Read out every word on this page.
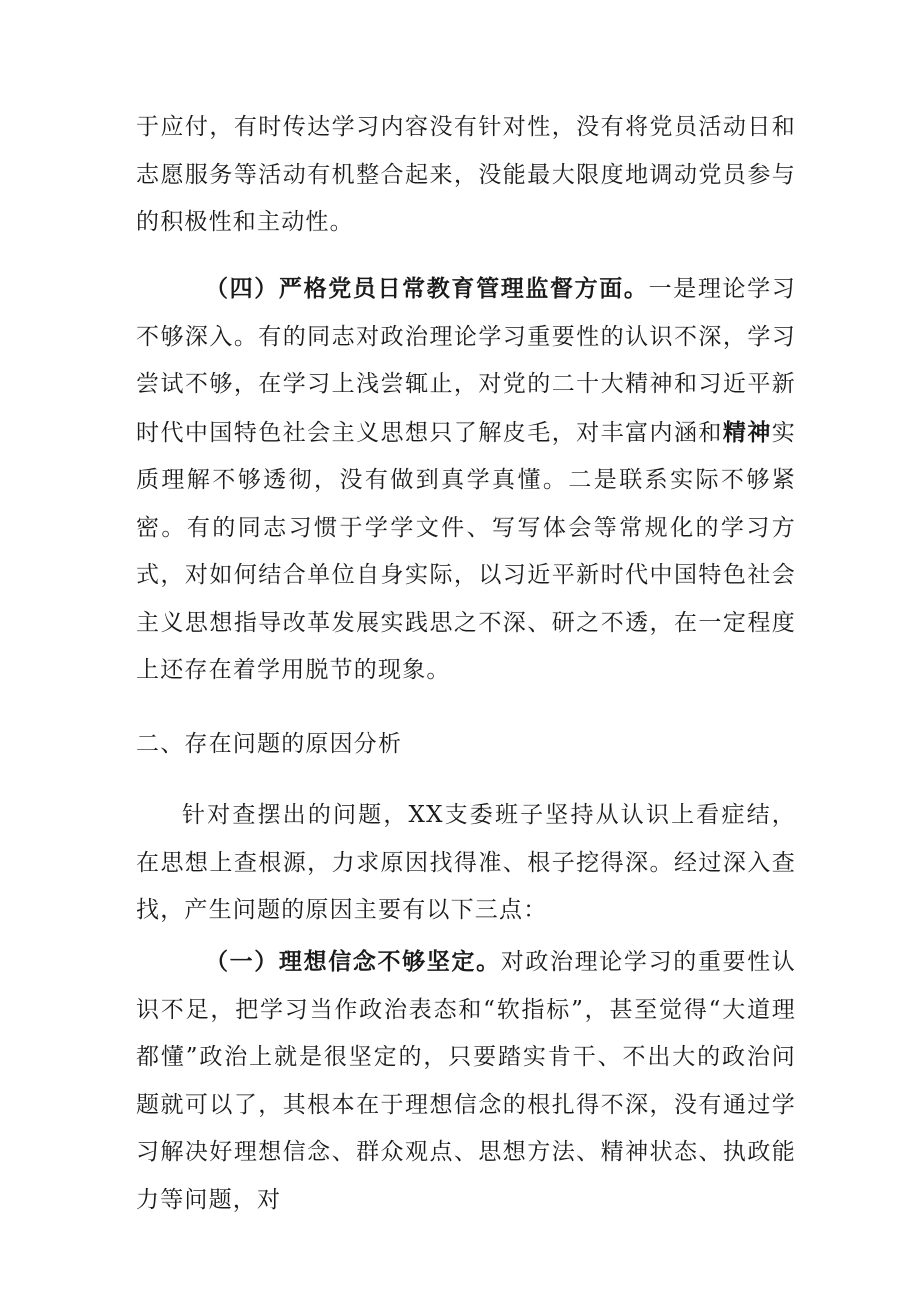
于应付，有时传达学习内容没有针对性，没有将党员活动日和志愿服务等活动有机整合起来，没能最大限度地调动党员参与的积极性和主动性。

（四）严格党员日常教育管理监督方面。一是理论学习不够深入。有的同志对政治理论学习重要性的认识不深，学习尝试不够，在学习上浅尝辄止，对党的二十大精神和习近平新时代中国特色社会主义思想只了解皮毛，对丰富内涵和精神实质理解不够透彻，没有做到真学真懂。二是联系实际不够紧密。有的同志习惯于学学文件、写写体会等常规化的学习方式，对如何结合单位自身实际，以习近平新时代中国特色社会主义思想指导改革发展实践思之不深、研之不透，在一定程度上还存在着学用脱节的现象。

二、存在问题的原因分析

针对查摆出的问题，XX支委班子坚持从认识上看症结，在思想上查根源，力求原因找得准、根子挖得深。经过深入查找，产生问题的原因主要有以下三点：

（一）理想信念不够坚定。对政治理论学习的重要性认识不足，把学习当作政治表态和“软指标”，甚至觉得“大道理都懂”政治上就是很坚定的，只要踏实肯干、不出大的政治问题就可以了，其根本在于理想信念的根扎得不深，没有通过学习解决好理想信念、群众观点、思想方法、精神状态、执政能力等问题，对
